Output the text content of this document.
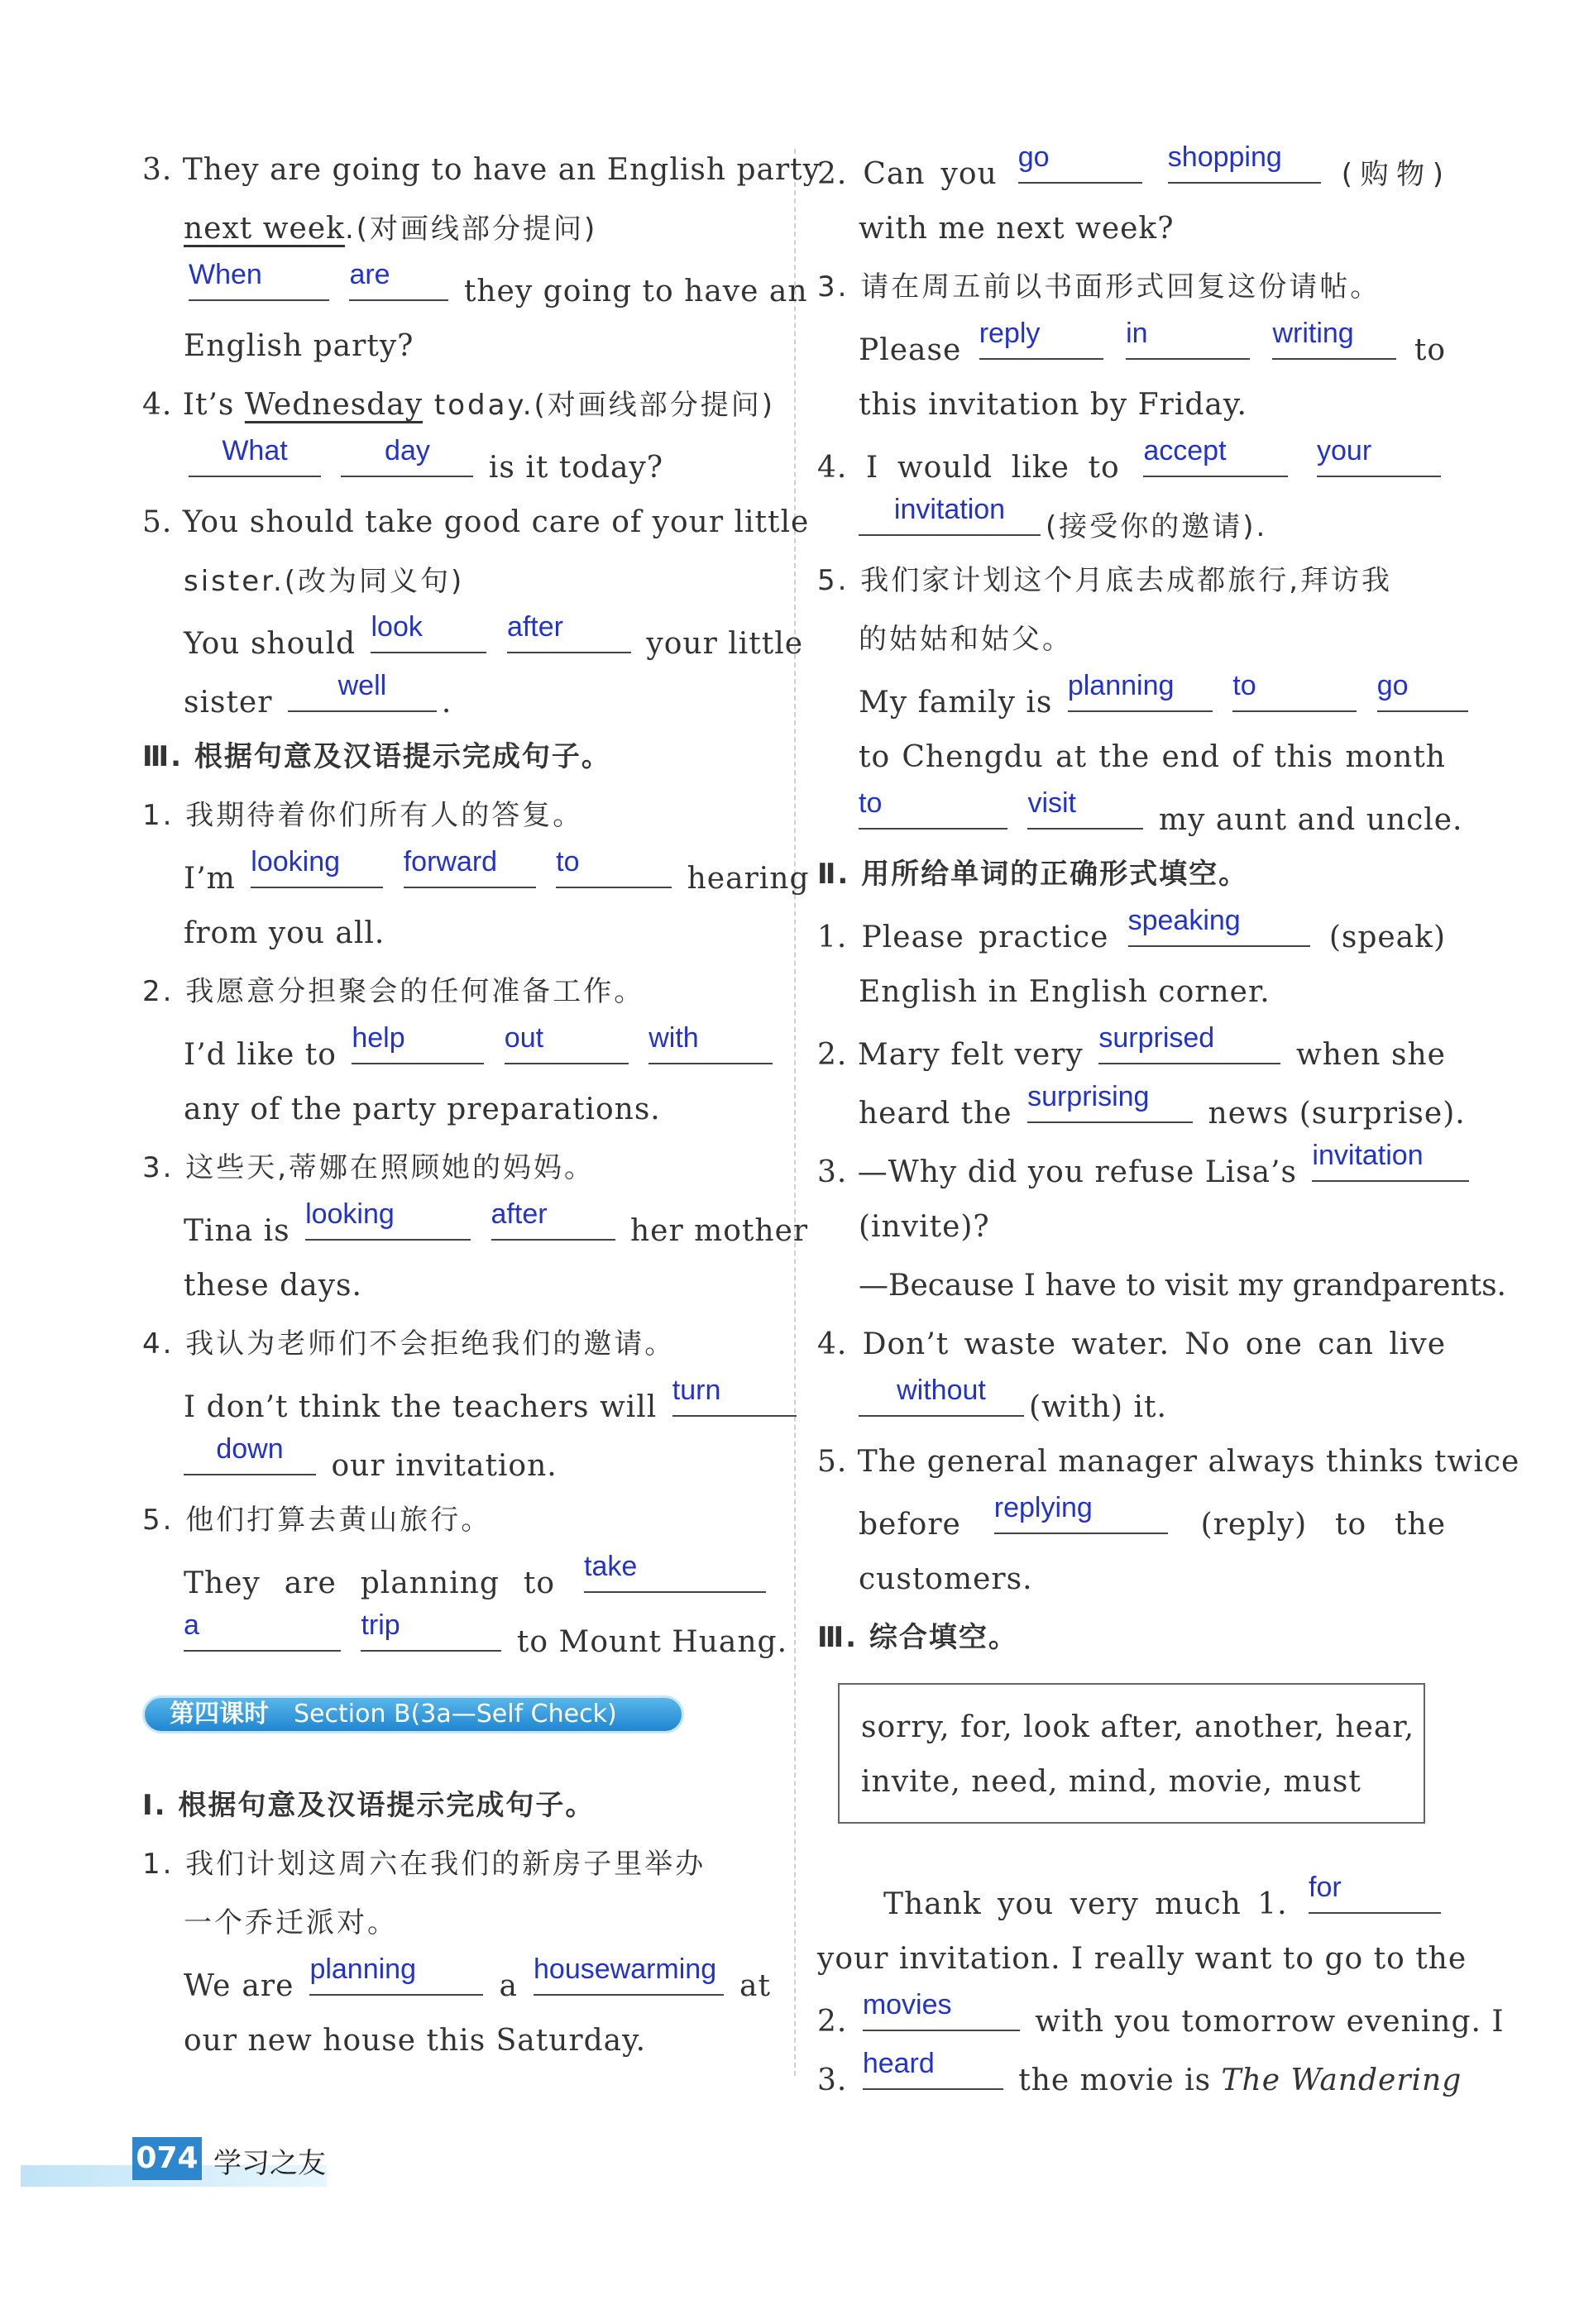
3. They are going to have an English party
next week.(对画线部分提问)
When
	are	they going to have an
English party?
4. It’s Wednesday today.(对画线部分提问)
What
	day	is it today?
5. You should take good care of your little
sister.(改为同义句)
You should look
	after	your little
sister	well	.
Ⅲ. 根据句意及汉语提示完成句子。
1. 我期待着你们所有人的答复。
I’m looking
	forward
	to	hearing
from you all.
2. 我愿意分担聚会的任何准备工作。
I’d like to help
	out
	with
any of the party preparations.
3. 这些天,蒂娜在照顾她的妈妈。
Tina is looking
	after	her mother
these days.
4. 我认为老师们不会拒绝我们的邀请。
I don’t think the teachers will turn
down	our invitation.
5. 他们打算去黄山旅行。
They are planning to take
a
	trip	to Mount Huang.
第四课时 Section B(3a—Self Check)
Ⅰ. 根据句意及汉语提示完成句子。
1. 我们计划这周六在我们的新房子里举办
一个乔迁派对。
We are planning	a housewarming at
our new house this Saturday.
2. Can you go
	shopping
(购物)
with me next week?
3. 请在周五前以书面形式回复这份请帖。
Please reply
	in
	writing	to
this invitation by Friday.
4. I would like to accept
	your
invitation
(接受你的邀请).
5. 我们家计划这个月底去成都旅行,拜访我
的姑姑和姑父。
My family is planning
	to
	go
to Chengdu at the end of this month
to
	visit	my aunt and uncle.
Ⅱ. 用所给单词的正确形式填空。
1. Please practice speaking	(speak)
English in English corner.
2. Mary felt very surprised	when she
heard the surprising	news (surprise).
3. —Why did you refuse Lisa’s invitation
(invite)?
—Because I have to visit my grandparents.
4. Don’t waste water. No one can live
without	(with) it.
5. The general manager always thinks twice
before replying	(reply) to the
customers.
Ⅲ. 综合填空。
sorry, for, look after, another, hear,
invite, need, mind, movie, must
Thank you very much 1. for
your invitation. I really want to go to the
2. movies	with you tomorrow evening. I
3. heard	the movie is The Wandering
074 学习之友
